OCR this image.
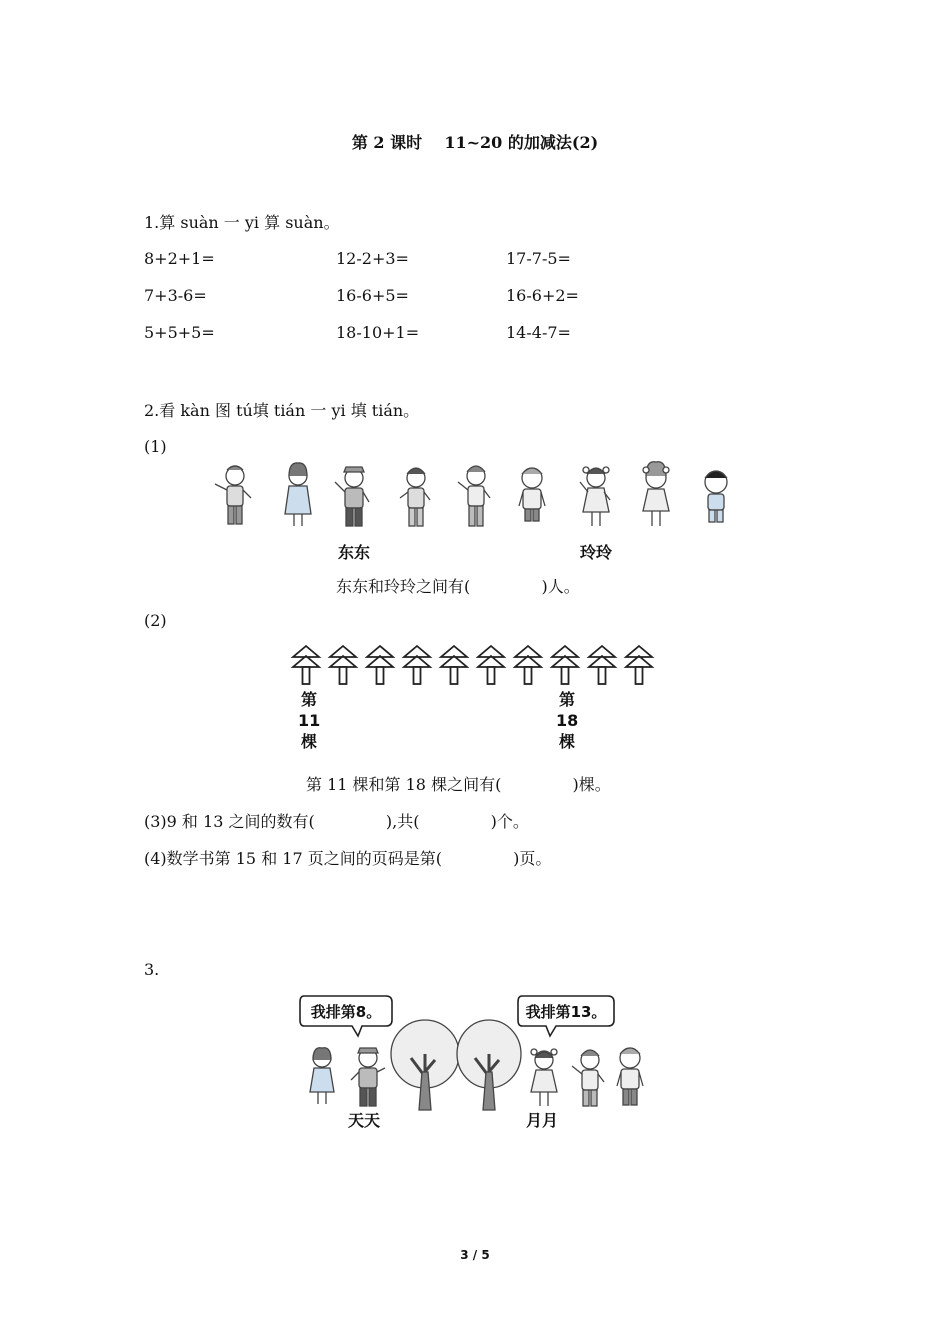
第 2 课时 11~20 的加减法(2)
1.算 suàn 一 yi 算 suàn。
8+2+1=	12-2+3=	17-7-5=
7+3-6=	16-6+5=	16-6+2=
5+5+5=	18-10+1=	14-4-7=
2.看 kàn 图 tú填 tián 一 yi 填 tián。
(1)
东东	玲玲
东东和玲玲之间有(              )人。
(2)
第
11
棵
第
18
棵
第 11 棵和第 18 棵之间有(              )棵。
(3)9 和 13 之间的数有(              ),共(              )个。
(4)数学书第 15 和 17 页之间的页码是第(              )页。
3.
我排第8。	我排第13。
天天	月月
3 / 5
